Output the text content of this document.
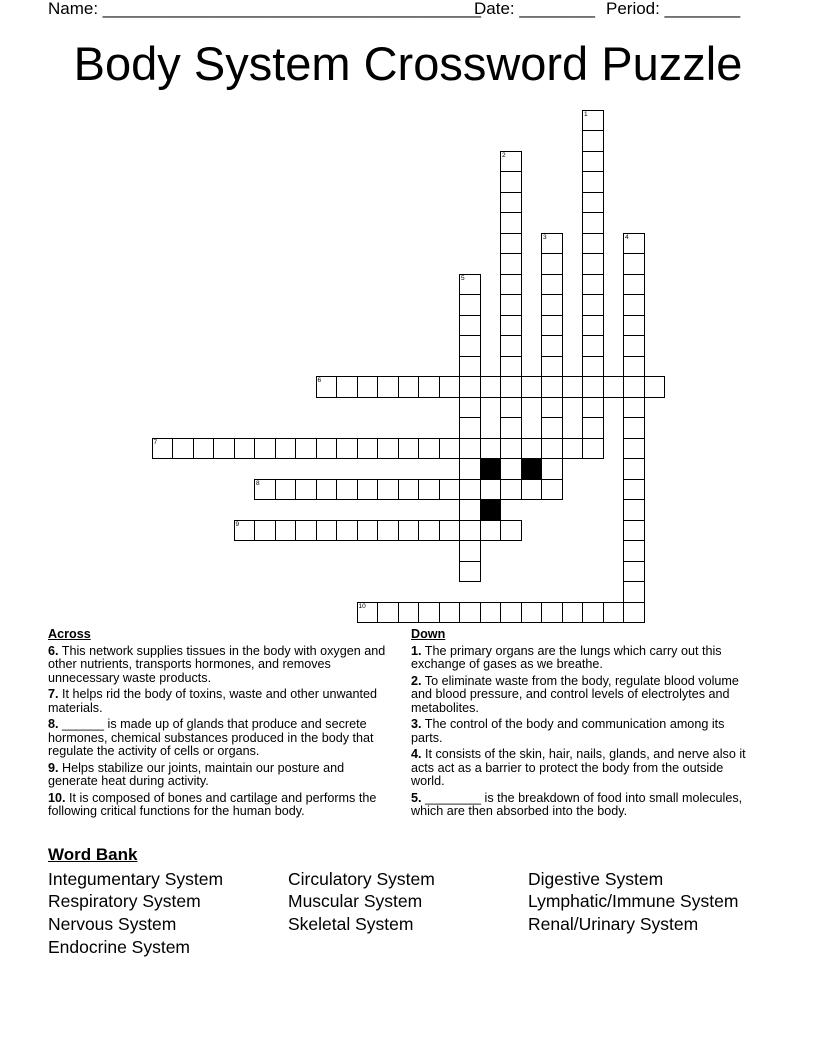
Name: ________________________________________
Date: ________ Period: ________
Body System Crossword Puzzle
1
2
3	4
5
6
7
8
9
10
Across
6. This network supplies tissues in the body with oxygen and other nutrients, transports hormones, and removes unnecessary waste products.
7. It helps rid the body of toxins, waste and other unwanted materials.
8. ______ is made up of glands that produce and secrete hormones, chemical substances produced in the body that regulate the activity of cells or organs.
9. Helps stabilize our joints, maintain our posture and generate heat during activity.
10. It is composed of bones and cartilage and performs the following critical functions for the human body.
Down
1. The primary organs are the lungs which carry out this exchange of gases as we breathe.
2. To eliminate waste from the body, regulate blood volume and blood pressure, and control levels of electrolytes and metabolites.
3. The control of the body and communication among its parts.
4. It consists of the skin, hair, nails, glands, and nerve also it acts act as a barrier to protect the body from the outside world.
5. ________ is the breakdown of food into small molecules, which are then absorbed into the body.
Word Bank
Integumentary System	Circulatory System	Digestive System
Respiratory System	Muscular System	Lymphatic/Immune System
Nervous System	Skeletal System	Renal/Urinary System
Endocrine System
